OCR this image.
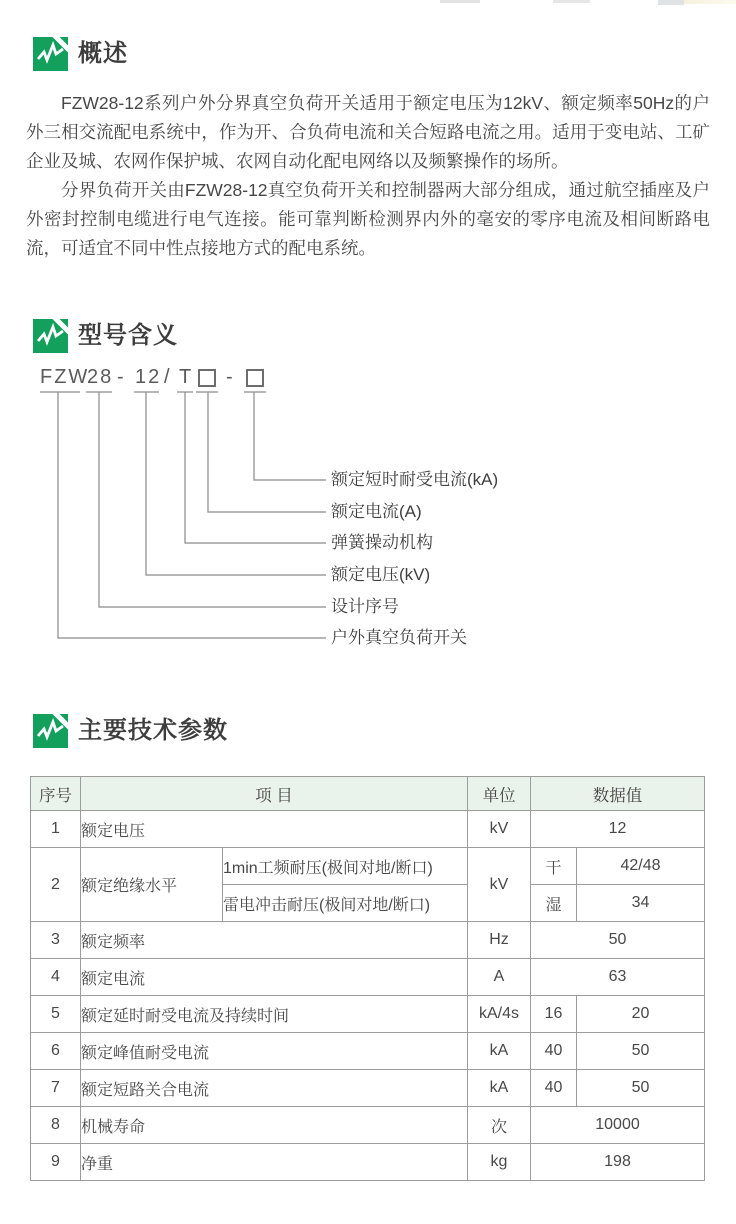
概述

FZW28-12系列户外分界真空负荷开关适用于额定电压为12kV、额定频率50Hz的户外三相交流配电系统中，作为开、合负荷电流和关合短路电流之用。适用于变电站、工矿企业及城、农网作保护城、农网自动化配电网络以及频繁操作的场所。

分界负荷开关由FZW28-12真空负荷开关和控制器两大部分组成，通过航空插座及户外密封控制电缆进行电气连接。能可靠判断检测界内外的毫安的零序电流及相间断路电流，可适宜不同中性点接地方式的配电系统。

型号含义
FZW
28 - 12 / T -
额定短时耐受电流(kA)
额定电流(A)
弹簧操动机构
额定电压(kV)
设计序号
户外真空负荷开关
主要技术参数
序号	项 目		单位	数据值	
1	额定电压		kV	12	
2	额定绝缘水平	1min工频耐压(极间对地/断口)	kV	干	42/48
		雷电冲击耐压(极间对地/断口)		湿	34
3	额定频率		Hz	50	
4	额定电流		A	63	
5	额定延时耐受电流及持续时间		kA/4s	16	20
6	额定峰值耐受电流		kA	40	50
7	额定短路关合电流		kA	40	50
8	机械寿命		次	10000	
9	净重		kg	198	
